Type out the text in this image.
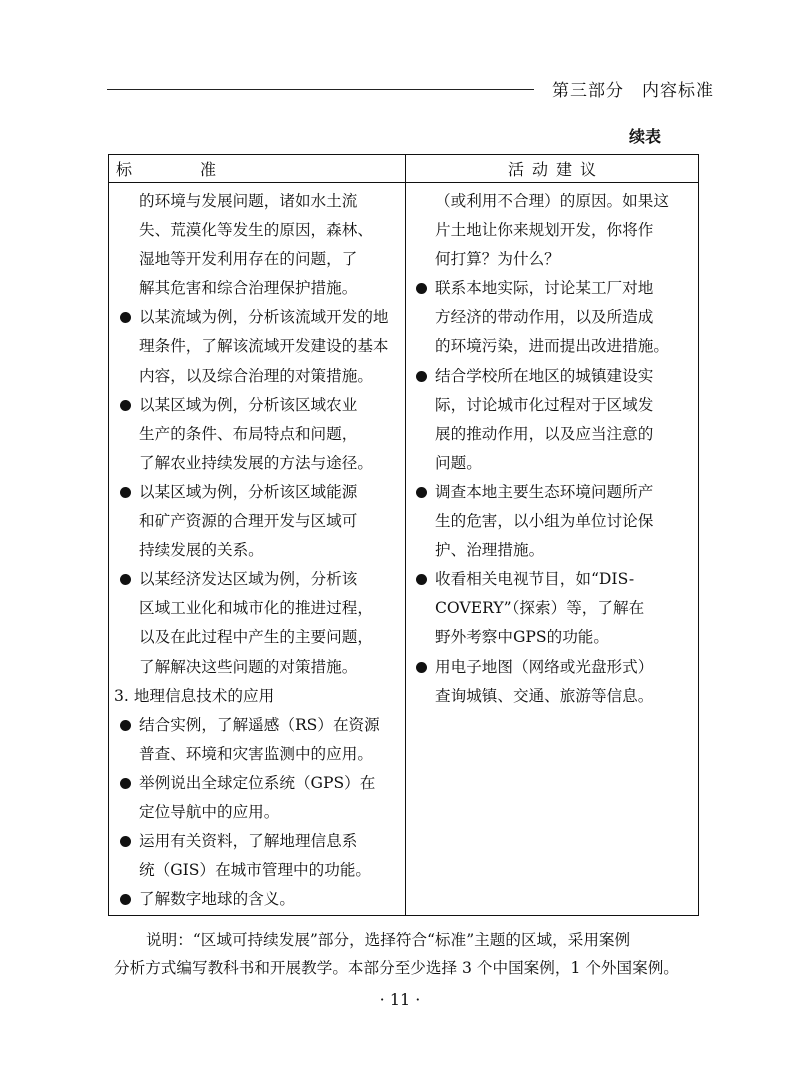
第三部分　内容标准
续表
标　准	活动建议
的环境与发展问题，诸如水土流
失、荒漠化等发生的原因，森林、
湿地等开发利用存在的问题，了
解其危害和综合治理保护措施。
以某流域为例，分析该流域开发的地
理条件，了解该流域开发建设的基本
内容，以及综合治理的对策措施。
以某区域为例，分析该区域农业
生产的条件、布局特点和问题，
了解农业持续发展的方法与途径。
以某区域为例，分析该区域能源
和矿产资源的合理开发与区域可
持续发展的关系。
以某经济发达区域为例，分析该
区域工业化和城市化的推进过程，
以及在此过程中产生的主要问题，
了解解决这些问题的对策措施。
3. 地理信息技术的应用
结合实例，了解遥感（RS）在资源
普查、环境和灾害监测中的应用。
举例说出全球定位系统（GPS）在
定位导航中的应用。
运用有关资料，了解地理信息系
统（GIS）在城市管理中的功能。
了解数字地球的含义。
（或利用不合理）的原因。如果这
片土地让你来规划开发，你将作
何打算？为什么？
联系本地实际，讨论某工厂对地
方经济的带动作用，以及所造成
的环境污染，进而提出改进措施。
结合学校所在地区的城镇建设实
际，讨论城市化过程对于区域发
展的推动作用，以及应当注意的
问题。
调查本地主要生态环境问题所产
生的危害，以小组为单位讨论保
护、治理措施。
收看相关电视节目，如“DIS-
COVERY”（探索）等，了解在
野外考察中GPS的功能。
用电子地图（网络或光盘形式）
查询城镇、交通、旅游等信息。
说明：“区域可持续发展”部分，选择符合“标准”主题的区域，采用案例
分析方式编写教科书和开展教学。本部分至少选择 3 个中国案例，1 个外国案例。
· 11 ·
